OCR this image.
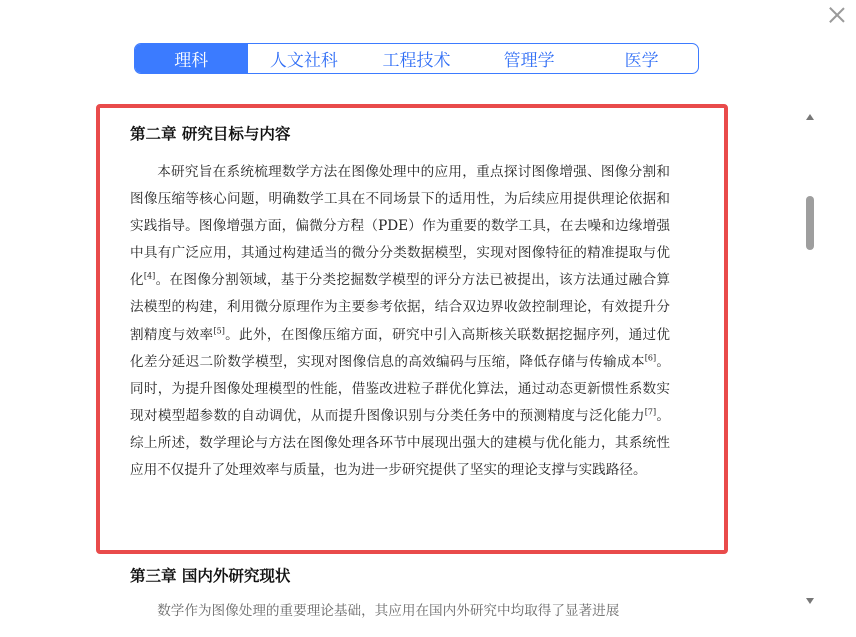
理科	人文社科	工程技术	管理学	医学
第二章 研究目标与内容
本研究旨在系统梳理数学方法在图像处理中的应用，重点探讨图像增强、图像分割和图像压缩等核心问题，明确数学工具在不同场景下的适用性，为后续应用提供理论依据和实践指导。图像增强方面，偏微分方程（PDE）作为重要的数学工具，在去噪和边缘增强中具有广泛应用，其通过构建适当的微分分类数据模型，实现对图像特征的精准提取与优化[4]。在图像分割领域，基于分类挖掘数学模型的评分方法已被提出，该方法通过融合算法模型的构建，利用微分原理作为主要参考依据，结合双边界收敛控制理论，有效提升分割精度与效率[5]。此外，在图像压缩方面，研究中引入高斯核关联数据挖掘序列，通过优化差分延迟二阶数学模型，实现对图像信息的高效编码与压缩，降低存储与传输成本[6]。同时，为提升图像处理模型的性能，借鉴改进粒子群优化算法，通过动态更新惯性系数实现对模型超参数的自动调优，从而提升图像识别与分类任务中的预测精度与泛化能力[7]。综上所述，数学理论与方法在图像处理各环节中展现出强大的建模与优化能力，其系统性应用不仅提升了处理效率与质量，也为进一步研究提供了坚实的理论支撑与实践路径。
第三章 国内外研究现状
数学作为图像处理的重要理论基础，其应用在国内外研究中均取得了显著进展
